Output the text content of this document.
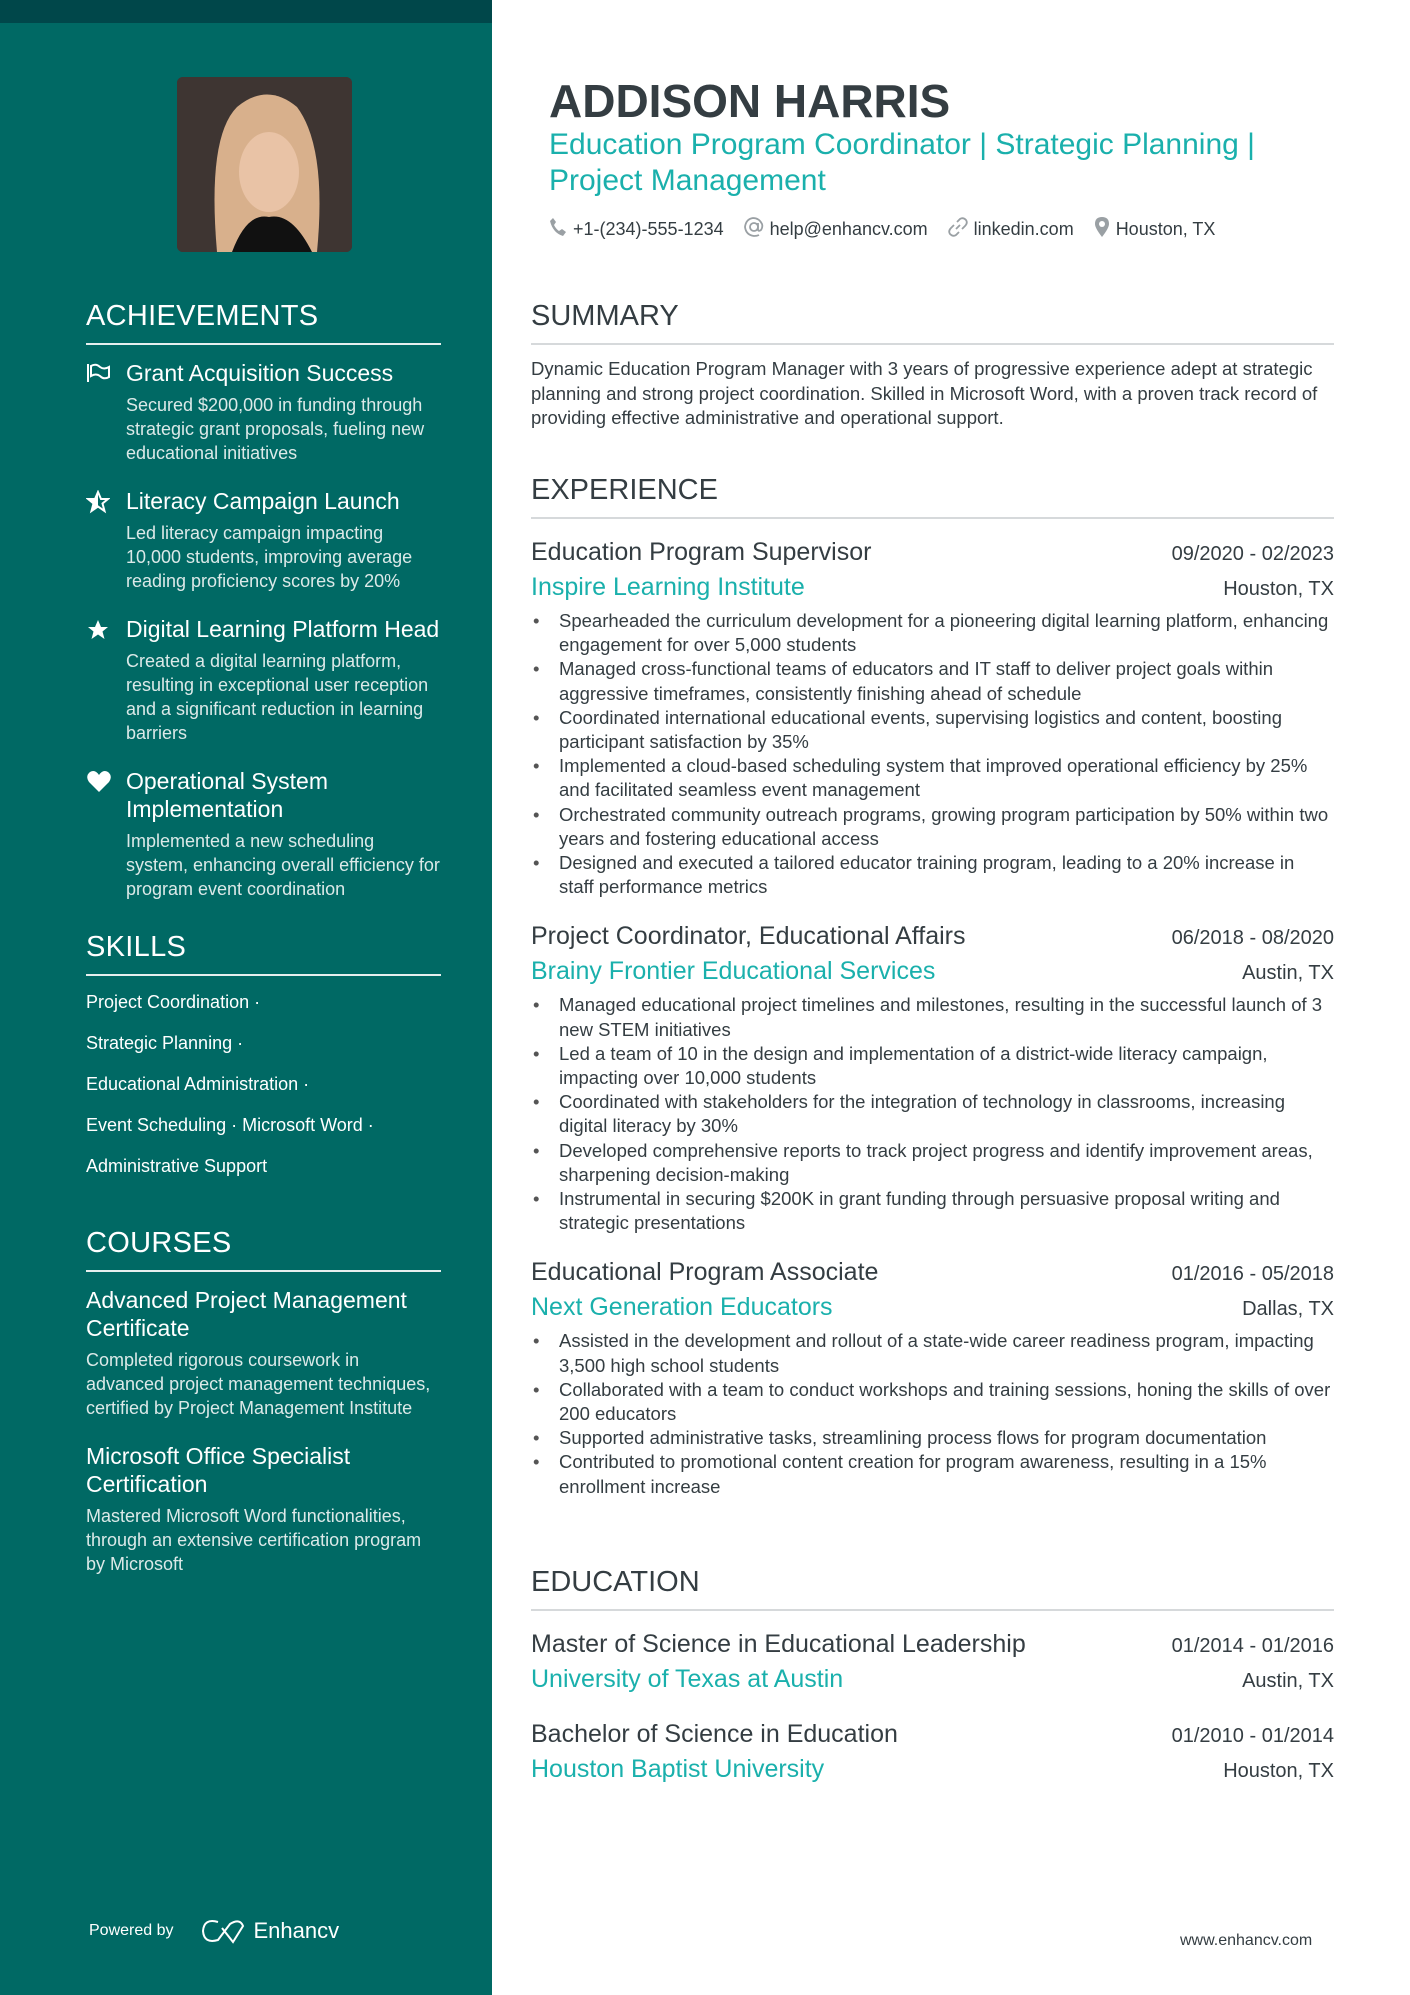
ACHIEVEMENTS
Grant Acquisition Success
Secured $200,000 in funding through strategic grant proposals, fueling new educational initiatives
Literacy Campaign Launch
Led literacy campaign impacting 10,000 students, improving average reading proficiency scores by 20%
Digital Learning Platform Head
Created a digital learning platform, resulting in exceptional user reception and a significant reduction in learning barriers
Operational System Implementation
Implemented a new scheduling system, enhancing overall efficiency for program event coordination
SKILLS
Project Coordination ·
Strategic Planning ·
Educational Administration ·
Event Scheduling · Microsoft Word ·
Administrative Support
COURSES
Advanced Project Management Certificate
Completed rigorous coursework in advanced project management techniques, certified by Project Management Institute
Microsoft Office Specialist Certification
Mastered Microsoft Word functionalities, through an extensive certification program by Microsoft
Powered by	Enhancv
ADDISON HARRIS
Education Program Coordinator | Strategic Planning | Project Management
+1-(234)-555-1234	help@enhancv.com	linkedin.com Houston, TX
SUMMARY
Dynamic Education Program Manager with 3 years of progressive experience adept at strategic planning and strong project coordination. Skilled in Microsoft Word, with a proven track record of providing effective administrative and operational support.
EXPERIENCE
Education Program Supervisor	09/2020 - 02/2023
Inspire Learning Institute	Houston, TX
• Spearheaded the curriculum development for a pioneering digital learning platform, enhancing engagement for over 5,000 students
• Managed cross-functional teams of educators and IT staff to deliver project goals within aggressive timeframes, consistently finishing ahead of schedule
• Coordinated international educational events, supervising logistics and content, boosting participant satisfaction by 35%
• Implemented a cloud-based scheduling system that improved operational efficiency by 25% and facilitated seamless event management
• Orchestrated community outreach programs, growing program participation by 50% within two years and fostering educational access
• Designed and executed a tailored educator training program, leading to a 20% increase in staff performance metrics
Project Coordinator, Educational Affairs	06/2018 - 08/2020
Brainy Frontier Educational Services	Austin, TX
• Managed educational project timelines and milestones, resulting in the successful launch of 3 new STEM initiatives
• Led a team of 10 in the design and implementation of a district-wide literacy campaign, impacting over 10,000 students
• Coordinated with stakeholders for the integration of technology in classrooms, increasing digital literacy by 30%
• Developed comprehensive reports to track project progress and identify improvement areas, sharpening decision-making
• Instrumental in securing $200K in grant funding through persuasive proposal writing and strategic presentations
Educational Program Associate	01/2016 - 05/2018
Next Generation Educators	Dallas, TX
• Assisted in the development and rollout of a state-wide career readiness program, impacting 3,500 high school students
• Collaborated with a team to conduct workshops and training sessions, honing the skills of over 200 educators
• Supported administrative tasks, streamlining process flows for program documentation
• Contributed to promotional content creation for program awareness, resulting in a 15% enrollment increase
EDUCATION
Master of Science in Educational Leadership	01/2014 - 01/2016
University of Texas at Austin	Austin, TX
Bachelor of Science in Education	01/2010 - 01/2014
Houston Baptist University	Houston, TX
www.enhancv.com
